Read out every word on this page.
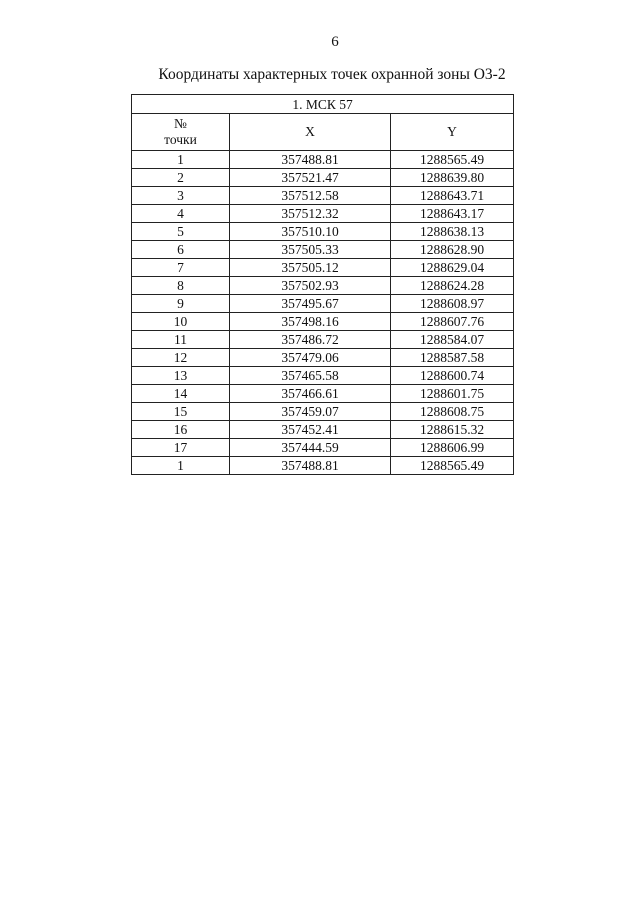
6
Координаты характерных точек охранной зоны О3-2
1. МСК 57		

№
точки	X	Y
1	357488.81	1288565.49
2	357521.47	1288639.80
3	357512.58	1288643.71
4	357512.32	1288643.17
5	357510.10	1288638.13
6	357505.33	1288628.90
7	357505.12	1288629.04
8	357502.93	1288624.28
9	357495.67	1288608.97
10	357498.16	1288607.76
11	357486.72	1288584.07
12	357479.06	1288587.58
13	357465.58	1288600.74
14	357466.61	1288601.75
15	357459.07	1288608.75
16	357452.41	1288615.32
17	357444.59	1288606.99
1	357488.81	1288565.49
